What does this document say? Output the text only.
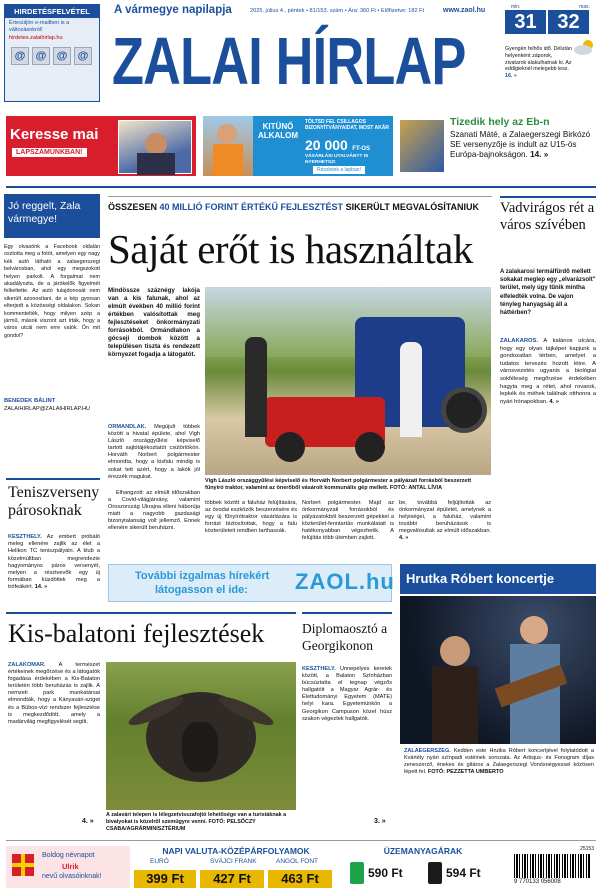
HIRDETÉSFELVÉTEL
Értesüljön e-mailben is a változásokról!
hirdetes.zalaihirlap.hu
@ @ @ @
A vármegye napilapja	2025. július 4., péntek • 81/153. szám • Ára: 360 Ft • Előfizetve: 182 Ft	www.zaol.hu
ZALAI HÍRLAP
min.	max.
31	32

Gyengén felhős idő. Délután helyenként záporok, zivatarok alakulhatnak ki. Az eddigieknél melegebb lesz. 16. »

Keresse mai
LAPSZÁMUNKBAN!
KITÜNŐ ALKALOM
TÖLTSD FEL CSILLAGOS BIZONYÍTVÁNYAIDAT, MOST AKÁR
20 000 FT-OS
VÁSÁRLÁSI UTALVÁNYT IS NYERHETSZ!
Részletek a lapban!
Tizedik hely az Eb-n

Szanati Máté, a Zalaegerszegi Birkózó SE versenyzője is indult az U15-ös Európa-bajnokságon. 14. »

Jó reggelt, Zala vármegye!

Egy olvasónk a Facebook oldalán osztotta meg a fotót, amelyen egy nagy kék autó látható a zalaegerszegi belvárosban, ahol egy megszokott helyen parkolt. A forgalmat nem akadályozta, de a járókelők figyelmét felkeltette. Az autó tulajdonosát nem sikerült azonosítani, de a kép gyorsan elterjedt a közösségi oldalakon. Sokan kommentelték, hogy milyen szép a jármű, mások viszont azt írták, hogy a város utcái nem erre valók. Ön mit gondol?

BENEDEK BÁLINT
ZALAIHIRLAP@ZALAIHIRLAP.HU
Teniszverseny párosoknak

KESZTHELY. Az embert próbáló meleg ellenére zajlik az élet a Helikon TC teniszpályáin. A klub a közelmúltban megrendezte hagyományos páros versenyét, melyen a résztvevők egy új formában küzdöttek meg a trófeákért. 14. »

ÖSSZESEN 40 MILLIÓ FORINT ÉRTÉKŰ FEJLESZTÉST SIKERÜLT MEGVALÓSÍTANIUK
Saját erőt is használtak

Mindössze száznégy lakója van a kis falunak, ahol az elmúlt években 40 millió forint értékben valósítottak meg fejlesztéseket önkormányzati forrásokból. Ormándlakon a gócseji dombok között a településen tiszta és rendezett környezet fogadja a látogatót.

ORMÁNDLAK. Megújult többek között a hivatal épülete, ahol Vigh László országgyűlési képviselő tartott sajtótájékoztatót csütörtökön. Horváth Norbert polgármester elmondta, hogy a kisfalu mindig is sokat tett azért, hogy a lakók jól érezzék magukat.

Elhangzott: az elmúlt időszakban a Covid-világjárvány, valamint Oroszország Ukrajna elleni háborúja miatt a nagyobb gazdasági bizonytalanság volt jellemző. Ennek ellenére sikerült beruházni.

Vigh László országgyűlési képviselő és Horváth Norbert polgármester a pályázati forrásból beszerzett fűnyíró traktor, valamint az önerőből vásárolt kommunális gép mellett. FOTÓ: ANTAL LÍVIA

többek között a faluház felújítására, az óvodai eszközök beszerzésére és egy új fűnyírótraktor vásárlására is forrást biztosítottak, hogy a falu közterületeit rendben tarthassák.

Norbert polgármester. Majd az önkormányzati forrásokból és pályázatokból beszerzett gépekkel a közterület-fenntartás munkálatait is hatékonyabban végezhetik. A felújítás több ütemben zajlott.

be, továbbá feljújították az önkormányzat épületét, amelynek a helyiségei, a faluház, valamint további beruházások is megvalósultak az elmúlt időszakban. 4. »

Vadvirágos rét a város szívében

A zalakarosi termálfürdő mellett sokakat meglep egy „elvarázsolt" terület, mely úgy tűnik mintha elfeledték volna. De vajon tényleg hanyagság áll a háttérben?

ZALAKAROS. A kalános utcára, hogy egy olyan tájképet kapjunk a gondozatlan térben, amelyet a tudatos tervezés hozott létre. A városvezetés ugyanis a biológiai sokféleség megőrzése érdekében hagyta meg a rétet, ahol rovarok, lepkék és méhek találnak otthonra a nyári hónapokban. 4. »

További izgalmas hírekért
látogasson el ide: ZAOL.hu Hrutka Róbert koncertje

ZALAEGERSZEG. Kedden este Hrutka Róbert koncertjével folytatódott a Kvártély nyári színpadi estéinek sorozata. Az Artisjus- és Fonogram díjas zeneszerző, énekes és gitáros a Zalaegerszegi Vonósnégyessel közösen lépett fel. FOTÓ: PEZZETTA UMBERTO

Kis-balatoni fejlesztések

ZALAKOMÁR. A természet értékeinek megőrzése és a látogatók fogadása érdekében a Kis-Balaton területén több beruházás is zajlik. A nemzeti park munkatársai elmondták, hogy a Kányavári-sziget és a Búbos-vízi rendszer fejlesztése is megkezdődött, amely a madárvilág megfigyelését segíti.

A zalavári telepen is lélegzetvisszafojtó lehetősége van a turistáknak a bivalyokat is közelről szemügyre venni. FOTÓ: PELSŐCZY CSABA/AGRÁRMINISZTÉRIUM

4. »
Diplomaosztó a Georgikonon

KESZTHELY. Ünnepélyes keretek között, a Balaton Színházban búcsúztatta el tegnap végzős hallgatóit a Magyar Agrár- és Élettudományi Egyetem (MATE) helyi kara. Egyetemünkön a Georgikon Campuson közel húsz szakon végeztek hallgatók.

3. »
Boldog névnapot
Ulrik
nevű olvasóinknak!
NAPI VALUTA-KÖZÉPÁRFOLYAMOK
EURÓ	SVÁJCI FRANK	ANGOL FONT
399 Ft	427 Ft	463 Ft
ÜZEMANYAGÁRAK
590 Ft	594 Ft
25153
9 770133 056008
